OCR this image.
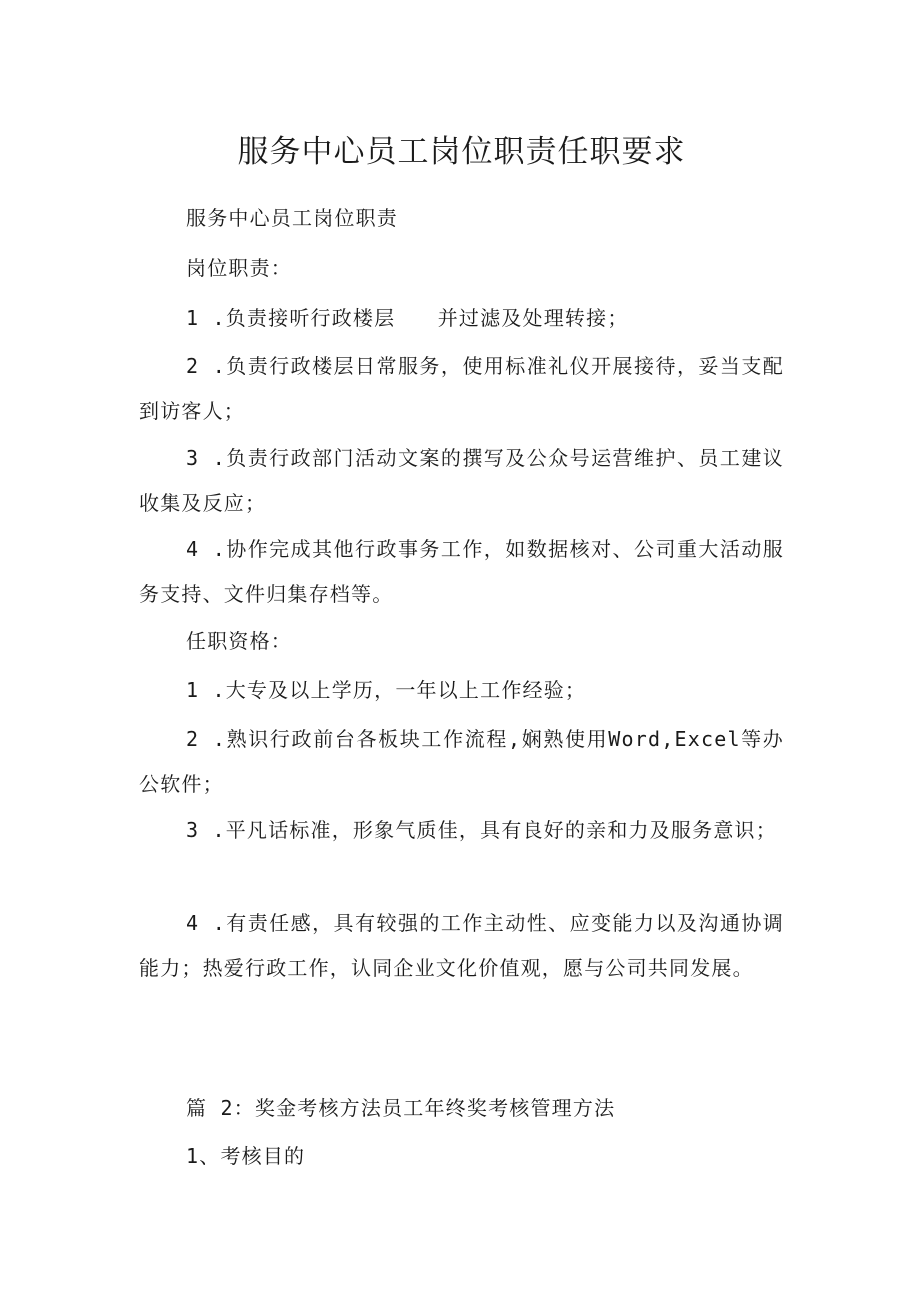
服务中心员工岗位职责任职要求

服务中心员工岗位职责

岗位职责：

1 .负责接听行政楼层　　并过滤及处理转接；

2 .负责行政楼层日常服务，使用标准礼仪开展接待，妥当支配到访客人；

3 .负责行政部门活动文案的撰写及公众号运营维护、员工建议收集及反应；

4 .协作完成其他行政事务工作，如数据核对、公司重大活动服务支持、文件归集存档等。

任职资格：

1 .大专及以上学历，一年以上工作经验；

2 .熟识行政前台各板块工作流程,娴熟使用Word,Excel等办公软件；

3 .平凡话标准，形象气质佳，具有良好的亲和力及服务意识；

4 .有责任感，具有较强的工作主动性、应变能力以及沟通协调能力；热爱行政工作，认同企业文化价值观，愿与公司共同发展。

篇 2：奖金考核方法员工年终奖考核管理方法

1、考核目的
